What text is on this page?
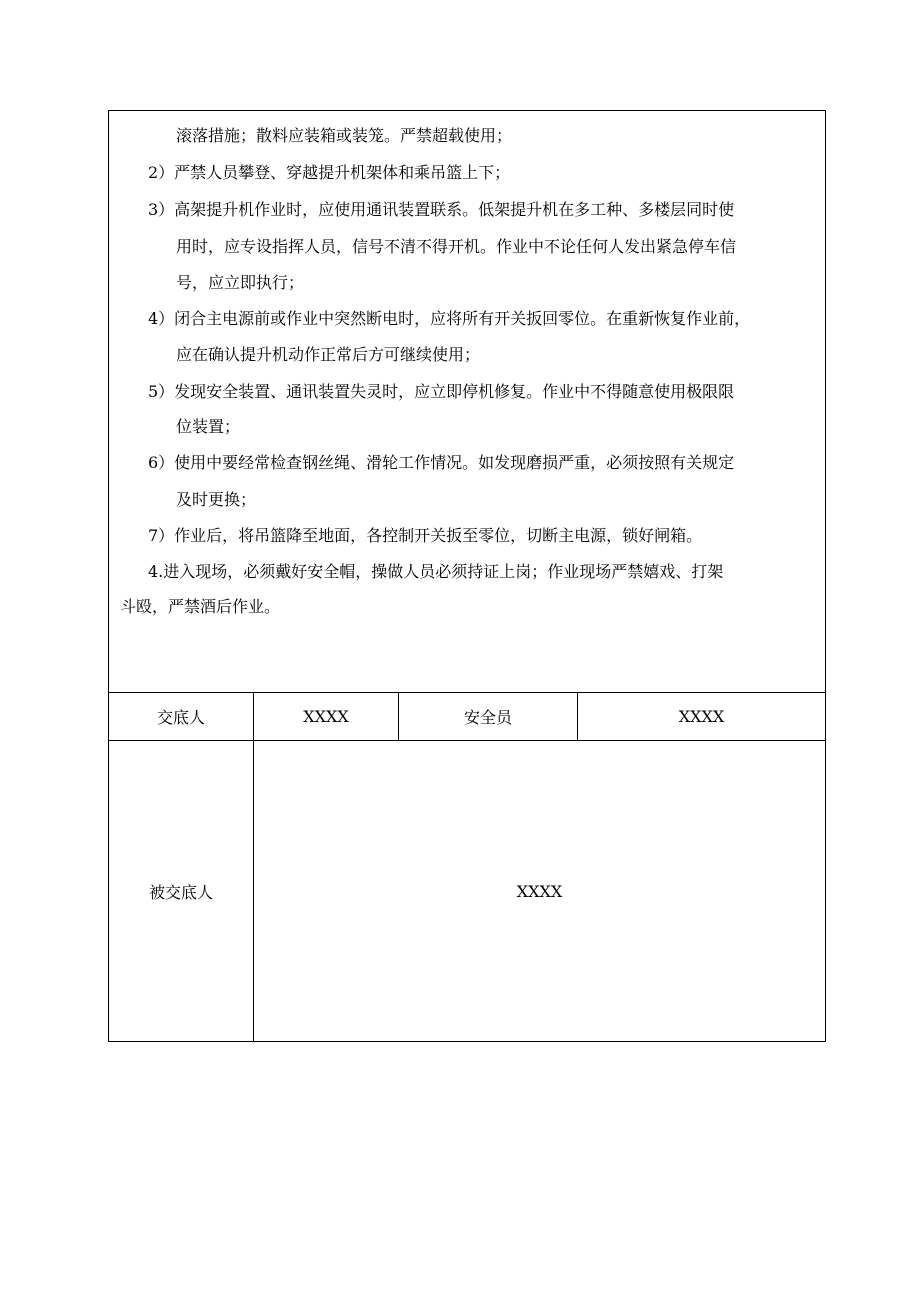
滚落措施；散料应装箱或装笼。严禁超载使用；
2）严禁人员攀登、穿越提升机架体和乘吊篮上下；
3）高架提升机作业时，应使用通讯装置联系。低架提升机在多工种、多楼层同时使
用时，应专设指挥人员，信号不清不得开机。作业中不论任何人发出紧急停车信
号，应立即执行；
4）闭合主电源前或作业中突然断电时，应将所有开关扳回零位。在重新恢复作业前，
应在确认提升机动作正常后方可继续使用；
5）发现安全装置、通讯装置失灵时，应立即停机修复。作业中不得随意使用极限限
位装置；
6）使用中要经常检查钢丝绳、滑轮工作情况。如发现磨损严重，必须按照有关规定
及时更换；
7）作业后，将吊篮降至地面，各控制开关扳至零位，切断主电源，锁好闸箱。
4.进入现场，必须戴好安全帽，操做人员必须持证上岗；作业现场严禁嬉戏、打架
斗殴，严禁酒后作业。
交底人	XXXX	安全员	XXXX
被交底人	XXXX
